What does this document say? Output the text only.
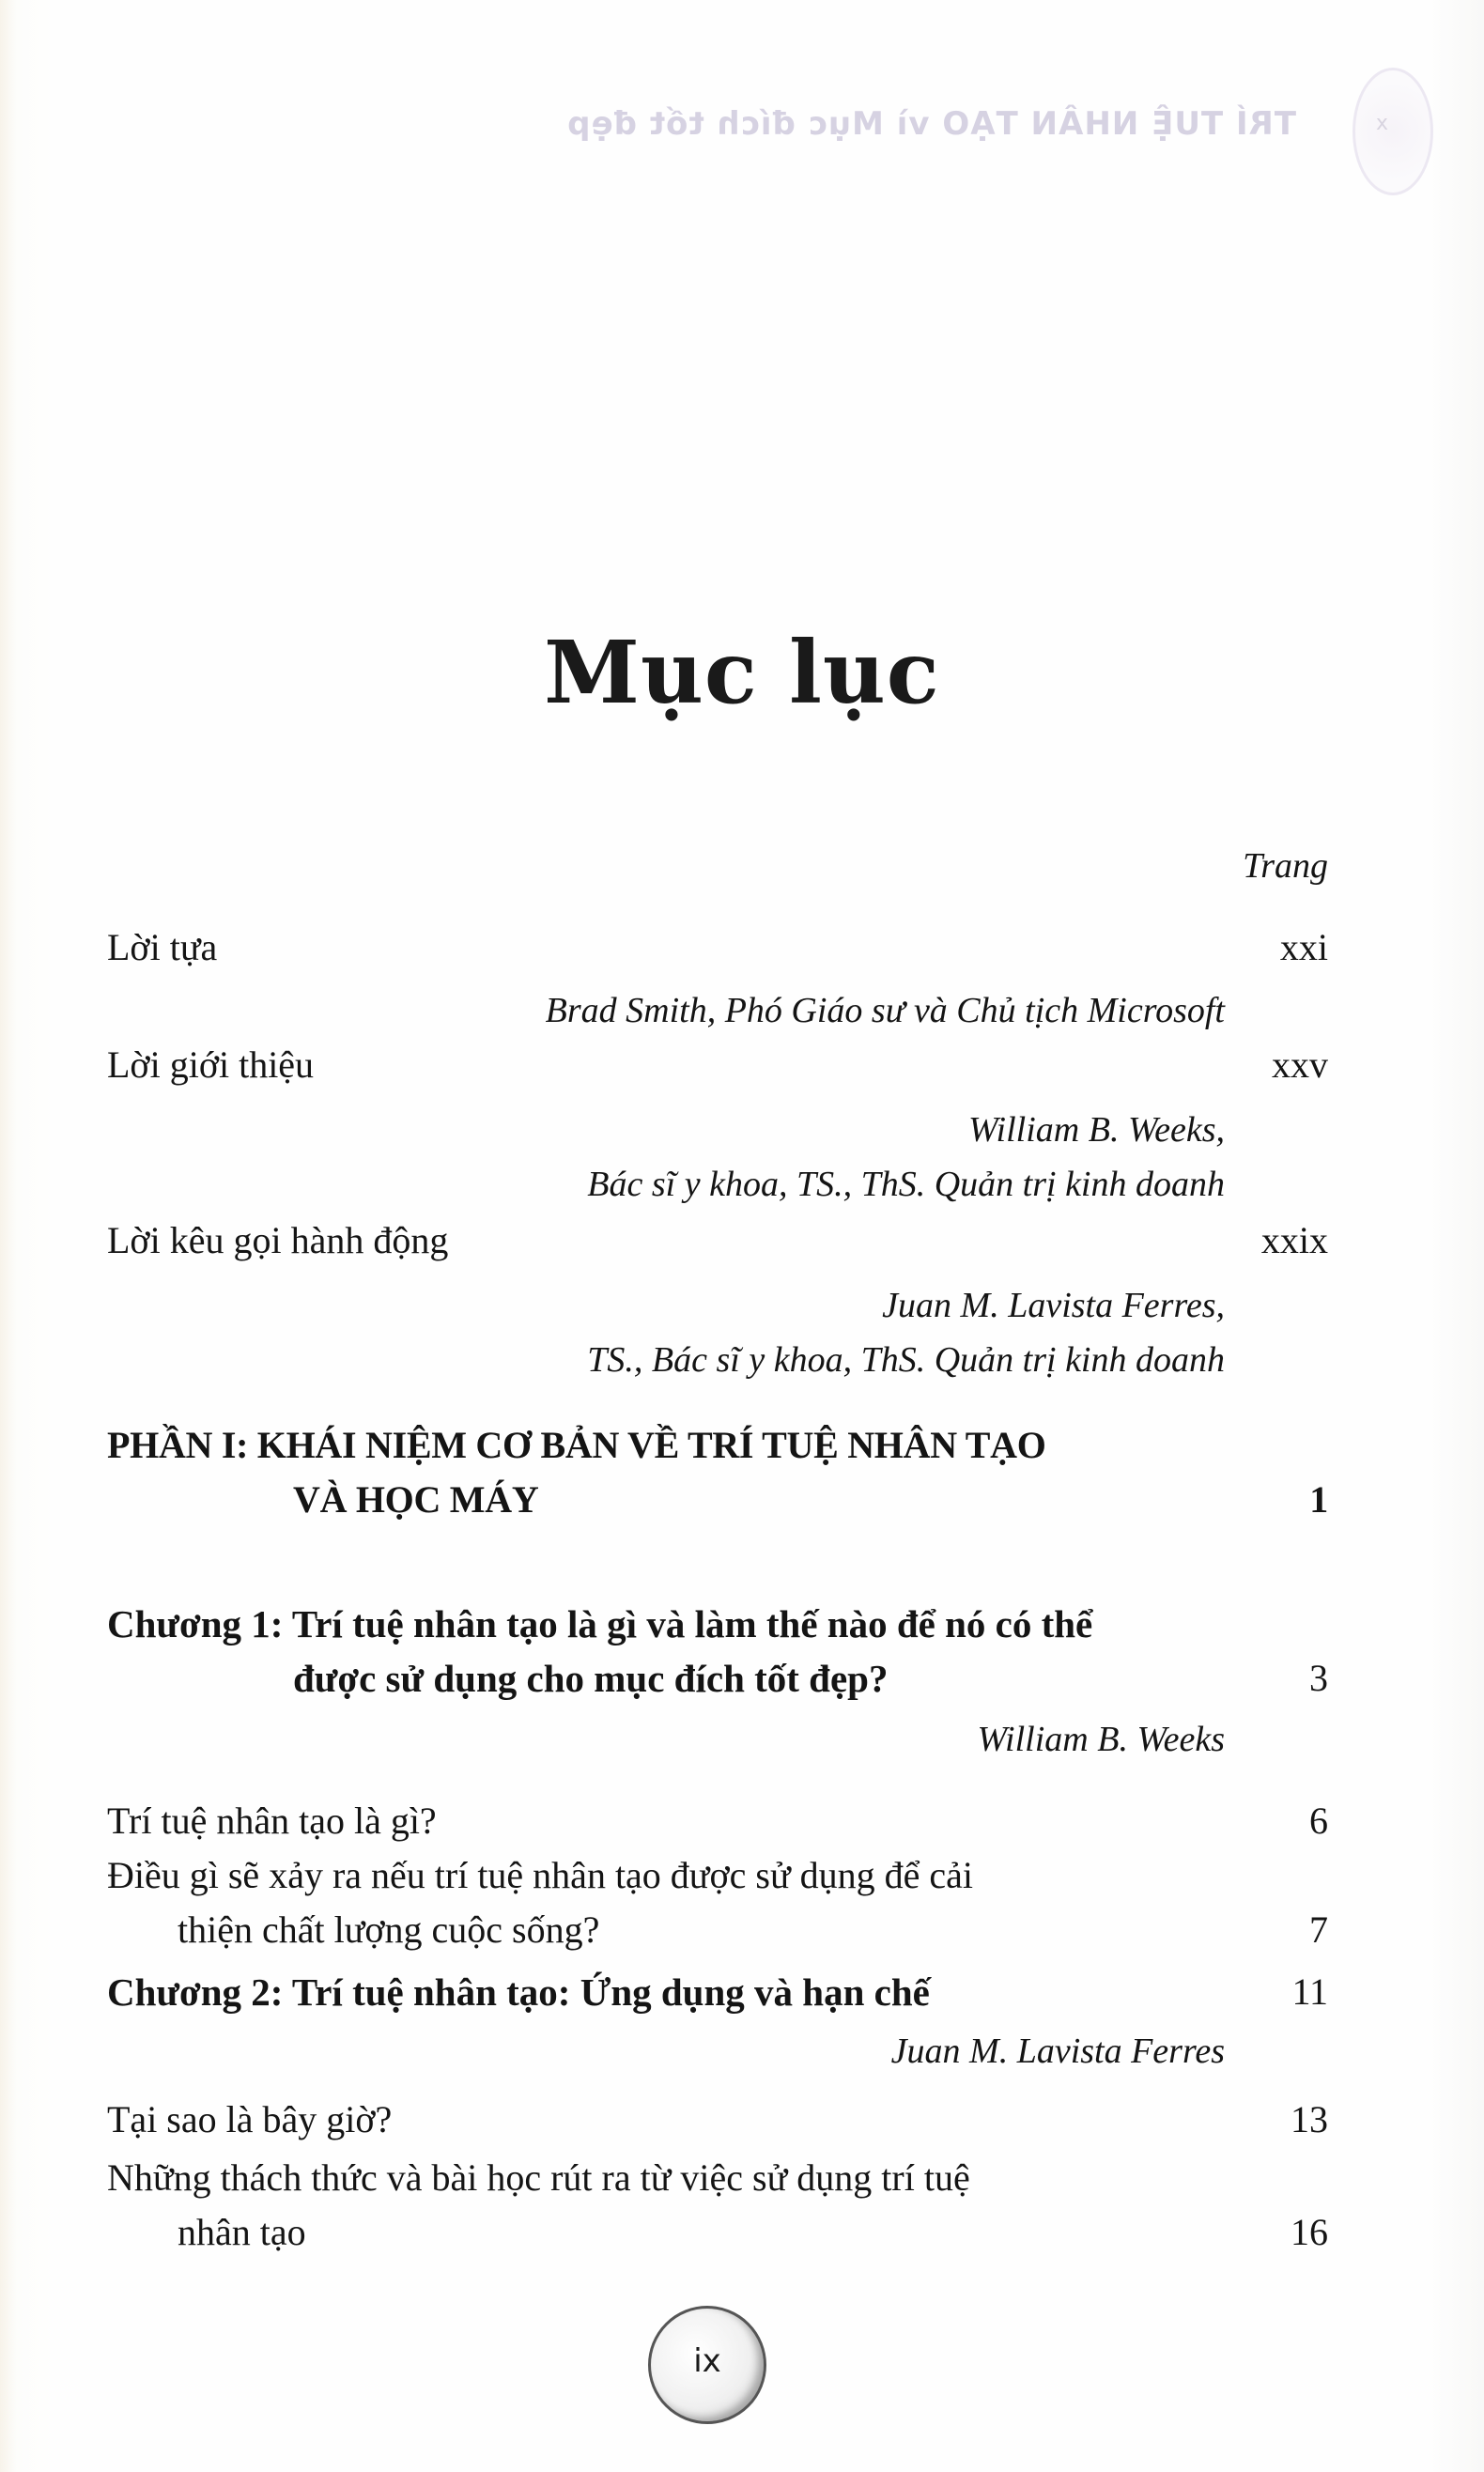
TRÍ TUỆ NHÂN TẠO vì Mục đích tốt đẹp	x
Mục lục
Trang
Lời tựa	xxi
Brad Smith, Phó Giáo sư và Chủ tịch Microsoft
Lời giới thiệu	xxv
William B. Weeks,
Bác sĩ y khoa, TS., ThS. Quản trị kinh doanh
Lời kêu gọi hành động	xxix
Juan M. Lavista Ferres,
TS., Bác sĩ y khoa, ThS. Quản trị kinh doanh
PHẦN I: KHÁI NIỆM CƠ BẢN VỀ TRÍ TUỆ NHÂN TẠO
VÀ HỌC MÁY	1
Chương 1: Trí tuệ nhân tạo là gì và làm thế nào để nó có thể
được sử dụng cho mục đích tốt đẹp?	3
William B. Weeks
Trí tuệ nhân tạo là gì?	6
Điều gì sẽ xảy ra nếu trí tuệ nhân tạo được sử dụng để cải
thiện chất lượng cuộc sống?	7
Chương 2: Trí tuệ nhân tạo: Ứng dụng và hạn chế	11
Juan M. Lavista Ferres
Tại sao là bây giờ?	13
Những thách thức và bài học rút ra từ việc sử dụng trí tuệ
nhân tạo	16
ix
